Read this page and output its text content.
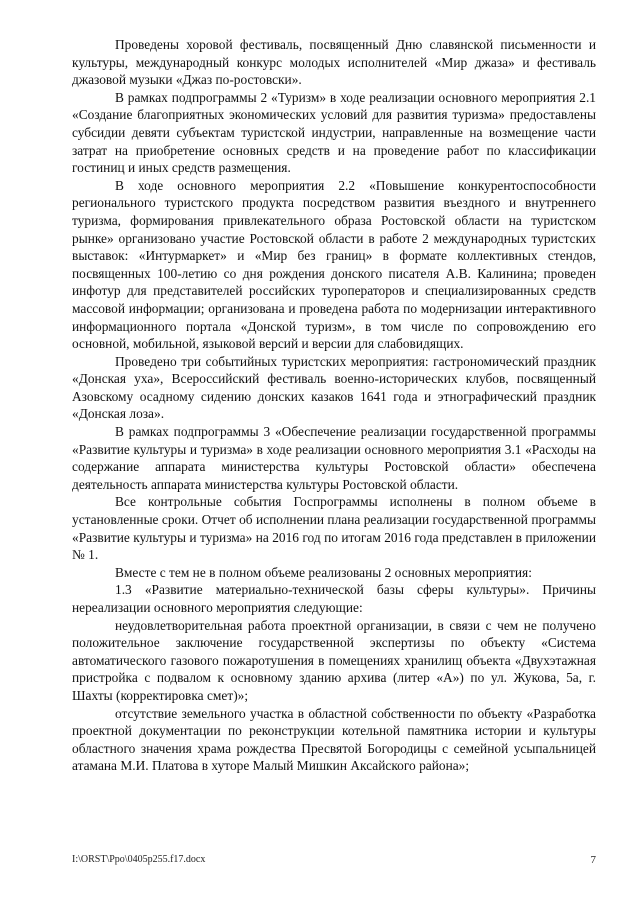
Проведены хоровой фестиваль, посвященный Дню славянской письменности и культуры, международный конкурс молодых исполнителей «Мир джаза» и фестиваль джазовой музыки «Джаз по-ростовски».

В рамках подпрограммы 2 «Туризм» в ходе реализации основного мероприятия 2.1 «Создание благоприятных экономических условий для развития туризма» предоставлены субсидии девяти субъектам туристской индустрии, направленные на возмещение части затрат на приобретение основных средств и на проведение работ по классификации гостиниц и иных средств размещения.

В ходе основного мероприятия 2.2 «Повышение конкурентоспособности регионального туристского продукта посредством развития въездного и внутреннего туризма, формирования привлекательного образа Ростовской области на туристском рынке» организовано участие Ростовской области в работе 2 международных туристских выставок: «Интурмаркет» и «Мир без границ» в формате коллективных стендов, посвященных 100-летию со дня рождения донского писателя А.В. Калинина; проведен инфотур для представителей российских туроператоров и специализированных средств массовой информации; организована и проведена работа по модернизации интерактивного информационного портала «Донской туризм», в том числе по сопровождению его основной, мобильной, языковой версий и версии для слабовидящих.

Проведено три событийных туристских мероприятия: гастрономический праздник «Донская уха», Всероссийский фестиваль военно-исторических клубов, посвященный Азовскому осадному сидению донских казаков 1641 года и этнографический праздник «Донская лоза».

В рамках подпрограммы 3 «Обеспечение реализации государственной программы «Развитие культуры и туризма» в ходе реализации основного мероприятия 3.1 «Расходы на содержание аппарата министерства культуры Ростовской области» обеспечена деятельность аппарата министерства культуры Ростовской области.

Все контрольные события Госпрограммы исполнены в полном объеме в установленные сроки. Отчет об исполнении плана реализации государственной программы «Развитие культуры и туризма» на 2016 год по итогам 2016 года представлен в приложении № 1.

Вместе с тем не в полном объеме реализованы 2 основных мероприятия:

1.3 «Развитие материально-технической базы сферы культуры». Причины нереализации основного мероприятия следующие:

неудовлетворительная работа проектной организации, в связи с чем не получено положительное заключение государственной экспертизы по объекту «Система автоматического газового пожаротушения в помещениях хранилищ объекта «Двухэтажная пристройка с подвалом к основному зданию архива (литер «А») по ул. Жукова, 5а, г. Шахты (корректировка смет)»;

отсутствие земельного участка в областной собственности по объекту «Разработка проектной документации по реконструкции котельной памятника истории и культуры областного значения храма рождества Пресвятой Богородицы с семейной усыпальницей атамана М.И. Платова в хуторе Малый Мишкин Аксайского района»;

I:\ORST\Ppo\0405p255.f17.docx	7
